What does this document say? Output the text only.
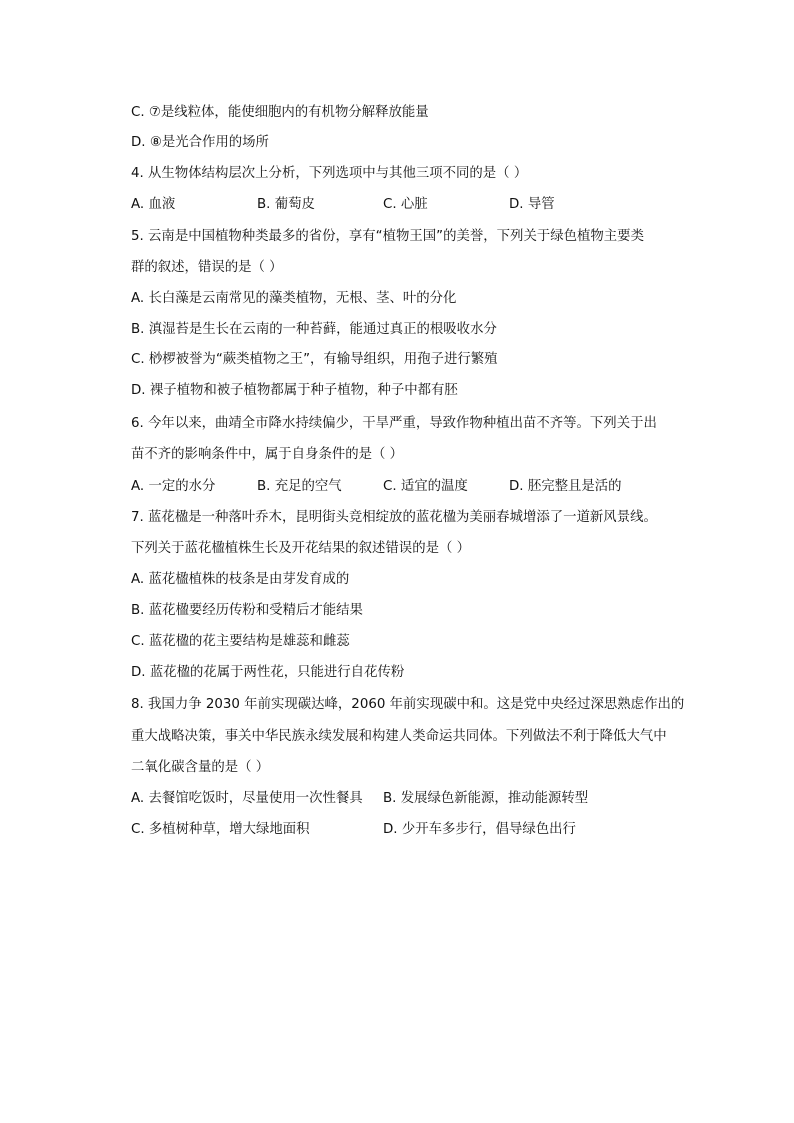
C. ⑦是线粒体，能使细胞内的有机物分解释放能量
D. ⑧是光合作用的场所
4. 从生物体结构层次上分析，下列选项中与其他三项不同的是（ ）
A. 血液	B. 葡萄皮	C. 心脏	D. 导管
5. 云南是中国植物种类最多的省份，享有“植物王国”的美誉，下列关于绿色植物主要类
群的叙述，错误的是（ ）
A. 长白藻是云南常见的藻类植物，无根、茎、叶的分化
B. 滇湿苔是生长在云南的一种苔藓，能通过真正的根吸收水分
C. 桫椤被誉为“蕨类植物之王”，有输导组织，用孢子进行繁殖
D. 裸子植物和被子植物都属于种子植物，种子中都有胚
6. 今年以来，曲靖全市降水持续偏少，干旱严重，导致作物种植出苗不齐等。下列关于出
苗不齐的影响条件中，属于自身条件的是（ ）
A. 一定的水分	B. 充足的空气	C. 适宜的温度	D. 胚完整且是活的
7. 蓝花楹是一种落叶乔木，昆明街头竞相绽放的蓝花楹为美丽春城增添了一道新风景线。
下列关于蓝花楹植株生长及开花结果的叙述错误的是（ ）
A. 蓝花楹植株的枝条是由芽发育成的
B. 蓝花楹要经历传粉和受精后才能结果
C. 蓝花楹的花主要结构是雄蕊和雌蕊
D. 蓝花楹的花属于两性花，只能进行自花传粉
8. 我国力争 2030 年前实现碳达峰，2060 年前实现碳中和。这是党中央经过深思熟虑作出的
重大战略决策，事关中华民族永续发展和构建人类命运共同体。下列做法不利于降低大气中
二氧化碳含量的是（ ）
A. 去餐馆吃饭时，尽量使用一次性餐具 B. 发展绿色新能源，推动能源转型
C. 多植树种草，增大绿地面积	D. 少开车多步行，倡导绿色出行
